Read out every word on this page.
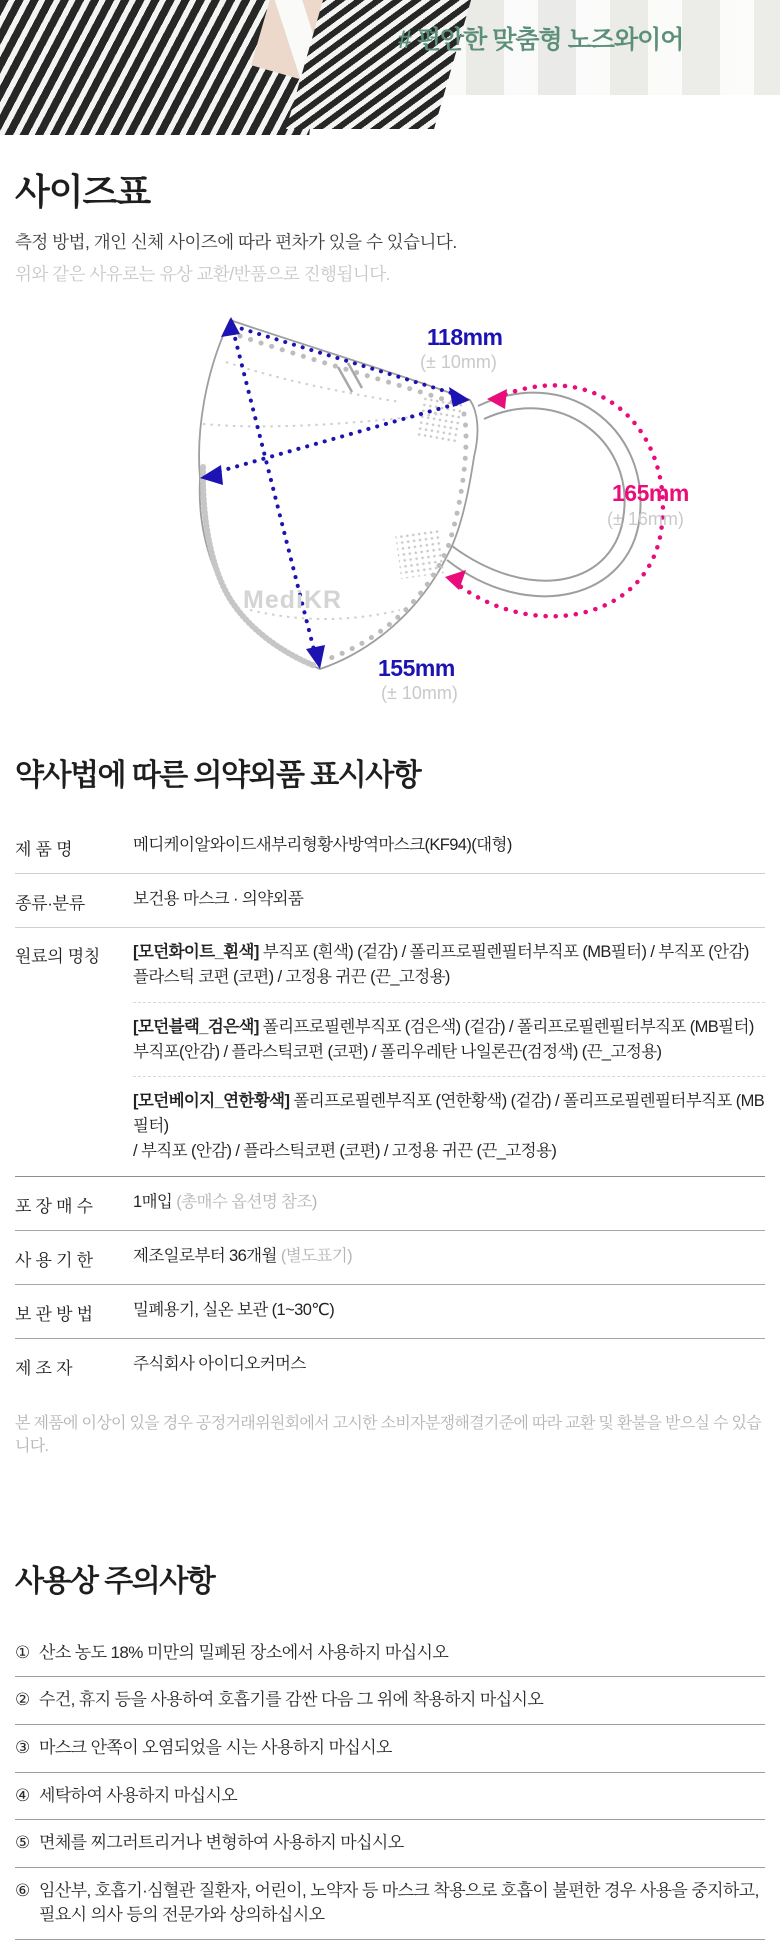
# 편안한 맞춤형 노즈와이어
사이즈표

측정 방법, 개인 신체 사이즈에 따라 편차가 있을 수 있습니다.

위와 같은 사유로는 유상 교환/반품으로 진행됩니다.

118mm
(± 10mm)
165mm
(± 16mm)
155mm
(± 10mm)
MediKR
약사법에 따른 의약외품 표시사항
제 품 명	메디케이알와이드새부리형황사방역마스크(KF94)(대형)
종류·분류	보건용 마스크 · 의약외품
원료의 명칭	[모던화이트_흰색] 부직포 (흰색) (겉감) / 폴리프로필렌필터부직포 (MB필터) / 부직포 (안감)
플라스틱 코편 (코편) / 고정용 귀끈 (끈_고정용)
[모던블랙_검은색] 폴리프로필렌부직포 (검은색) (겉감) / 폴리프로필렌필터부직포 (MB필터)
부직포(안감) / 플라스틱코편 (코편) / 폴리우레탄 나일론끈(검정색) (끈_고정용)
[모던베이지_연한황색] 폴리프로필렌부직포 (연한황색) (겉감) / 폴리프로필렌필터부직포 (MB필터)
/ 부직포 (안감) / 플라스틱코편 (코편) / 고정용 귀끈 (끈_고정용)
포 장 매 수	1매입 (총매수 옵션명 참조)
사 용 기 한	제조일로부터 36개월 (별도표기)
보 관 방 법	밀폐용기, 실온 보관 (1~30℃)
제 조 자	주식회사 아이디오커머스

본 제품에 이상이 있을 경우 공정거래위원회에서 고시한 소비자분쟁해결기준에 따라 교환 및 환불을 받으실 수 있습니다.

사용상 주의사항
① 산소 농도 18% 미만의 밀폐된 장소에서 사용하지 마십시오
② 수건, 휴지 등을 사용하여 호흡기를 감싼 다음 그 위에 착용하지 마십시오
③ 마스크 안쪽이 오염되었을 시는 사용하지 마십시오
④ 세탁하여 사용하지 마십시오
⑤ 면체를 찌그러트리거나 변형하여 사용하지 마십시오
⑥ 임산부, 호흡기·심혈관 질환자, 어린이, 노약자 등 마스크 착용으로 호흡이 불편한 경우 사용을 중지하고, 필요시 의사 등의 전문가와 상의하십시오
